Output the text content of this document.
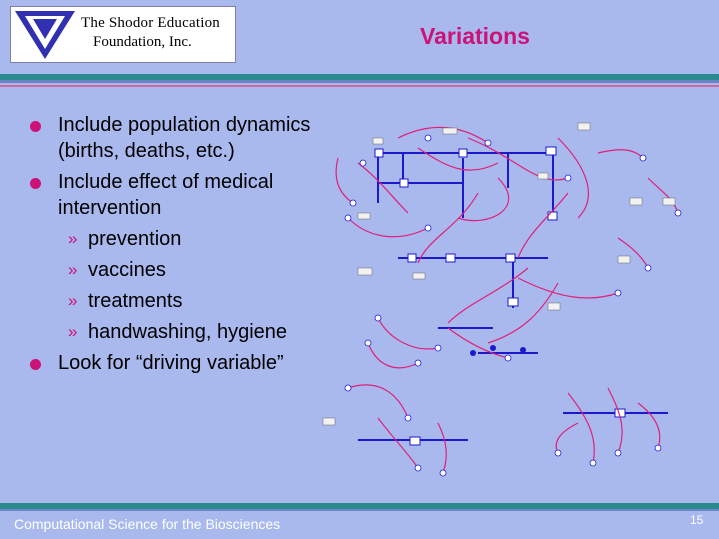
The Shodor Education
Foundation, Inc.	Variations
Include population dynamics (births, deaths, etc.)
Include effect of medical intervention
» prevention
» vaccines
» treatments
» handwashing, hygiene
Look for “driving variable”
Computational Science for the Biosciences	15
